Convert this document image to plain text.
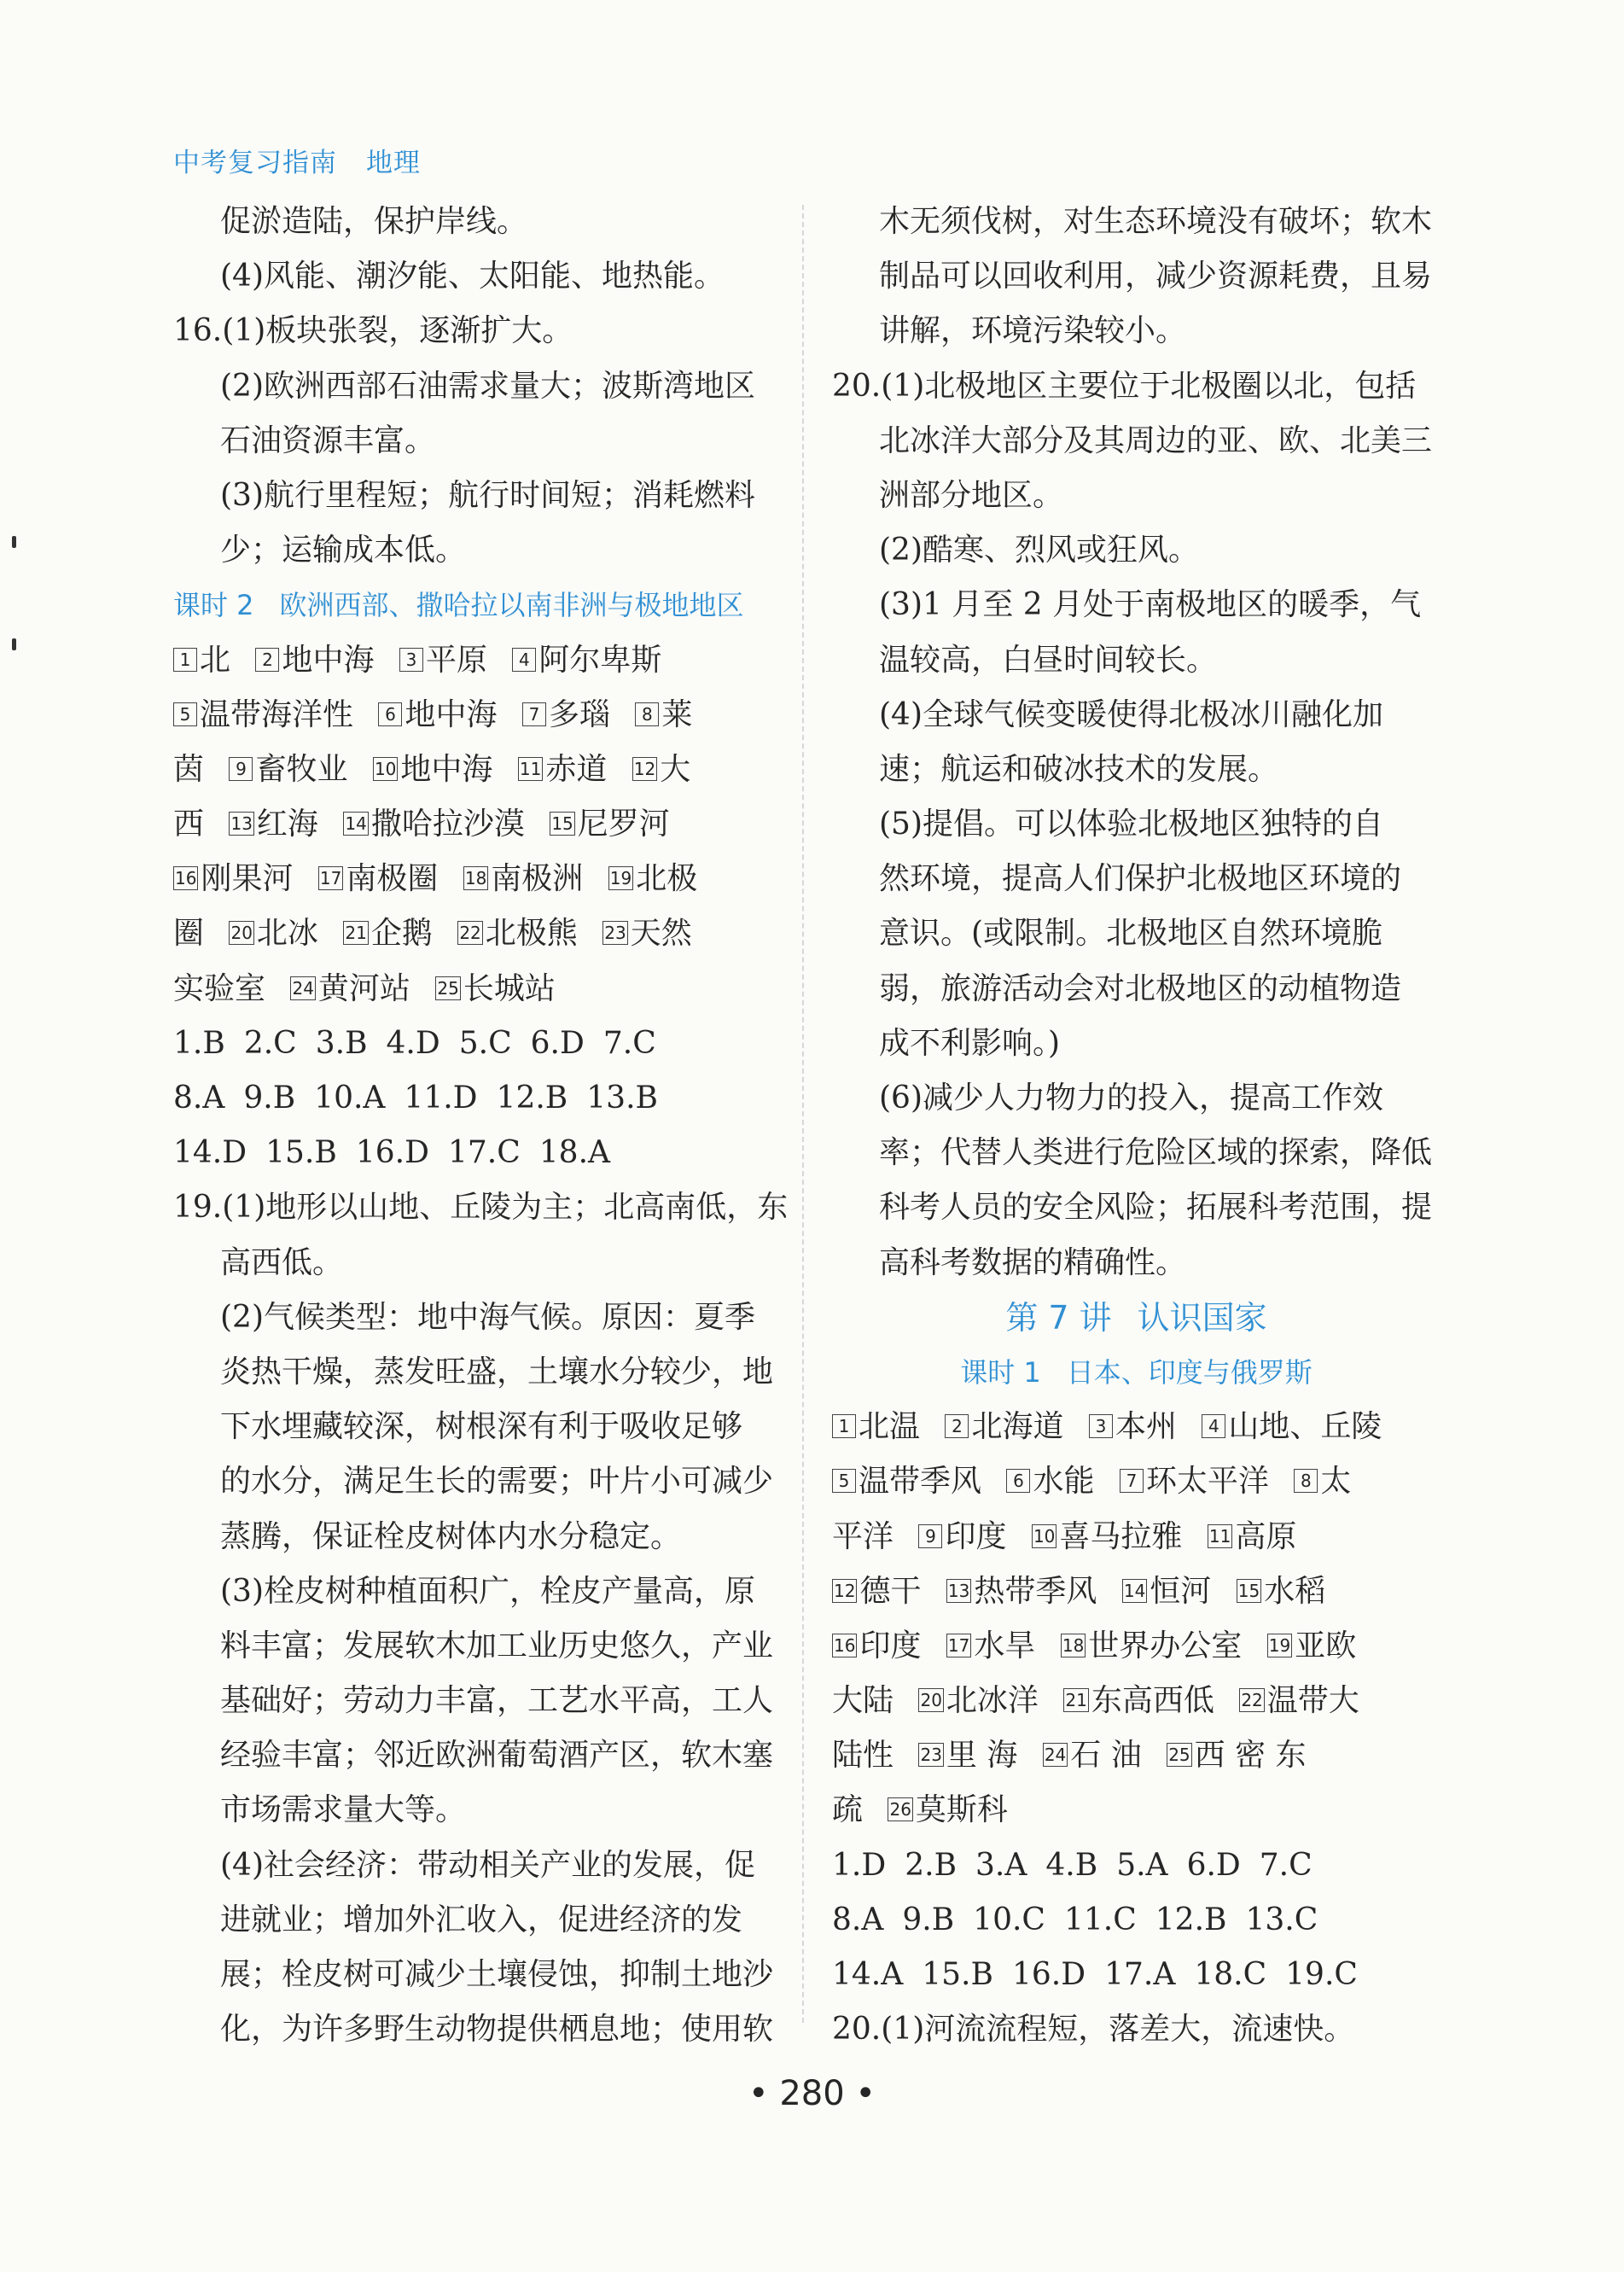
中考复习指南 地理
促淤造陆，保护岸线。
(4)风能、潮汐能、太阳能、地热能。
16.(1)板块张裂，逐渐扩大。
(2)欧洲西部石油需求量大；波斯湾地区
石油资源丰富。
(3)航行里程短；航行时间短；消耗燃料
少；运输成本低。
课时 2 欧洲西部、撒哈拉以南非洲与极地地区
1 北 2 地中海 3 平原 4 阿尔卑斯
5 温带海洋性 6 地中海 7 多瑙 8 莱
茵 9 畜牧业 10 地中海 11 赤道 12 大
西 13 红海 14 撒哈拉沙漠 15 尼罗河
16 刚果河 17 南极圈 18 南极洲 19 北极
圈 20 北冰 21 企鹅 22 北极熊 23 天然
实验室 24 黄河站 25 长城站
1.B 2.C 3.B 4.D 5.C 6.D 7.C
8.A 9.B 10.A 11.D 12.B 13.B
14.D 15.B 16.D 17.C 18.A
19.(1)地形以山地、丘陵为主；北高南低，东
高西低。
(2)气候类型：地中海气候。原因：夏季
炎热干燥，蒸发旺盛，土壤水分较少，地
下水埋藏较深，树根深有利于吸收足够
的水分，满足生长的需要；叶片小可减少
蒸腾，保证栓皮树体内水分稳定。
(3)栓皮树种植面积广，栓皮产量高，原
料丰富；发展软木加工业历史悠久，产业
基础好；劳动力丰富，工艺水平高，工人
经验丰富；邻近欧洲葡萄酒产区，软木塞
市场需求量大等。
(4)社会经济：带动相关产业的发展，促
进就业；增加外汇收入，促进经济的发
展；栓皮树可减少土壤侵蚀，抑制土地沙
化，为许多野生动物提供栖息地；使用软
木无须伐树，对生态环境没有破坏；软木
制品可以回收利用，减少资源耗费，且易
讲解，环境污染较小。
20.(1)北极地区主要位于北极圈以北，包括
北冰洋大部分及其周边的亚、欧、北美三
洲部分地区。
(2)酷寒、烈风或狂风。
(3)1 月至 2 月处于南极地区的暖季，气
温较高，白昼时间较长。
(4)全球气候变暖使得北极冰川融化加
速；航运和破冰技术的发展。
(5)提倡。可以体验北极地区独特的自
然环境，提高人们保护北极地区环境的
意识。(或限制。北极地区自然环境脆
弱，旅游活动会对北极地区的动植物造
成不利影响。)
(6)减少人力物力的投入，提高工作效
率；代替人类进行危险区域的探索，降低
科考人员的安全风险；拓展科考范围，提
高科考数据的精确性。
第 7 讲 认识国家
课时 1 日本、印度与俄罗斯
1 北温 2 北海道 3 本州 4 山地、丘陵
5 温带季风 6 水能 7 环太平洋 8 太
平洋 9 印度 10 喜马拉雅 11 高原
12 德干 13 热带季风 14 恒河 15 水稻
16 印度 17 水旱 18 世界办公室 19 亚欧
大陆 20 北冰洋 21 东高西低 22 温带大
陆性 23 里 海 24 石 油 25 西 密 东
疏 26 莫斯科
1.D 2.B 3.A 4.B 5.A 6.D 7.C
8.A 9.B 10.C 11.C 12.B 13.C
14.A 15.B 16.D 17.A 18.C 19.C
20.(1)河流流程短，落差大，流速快。
• 280 •
